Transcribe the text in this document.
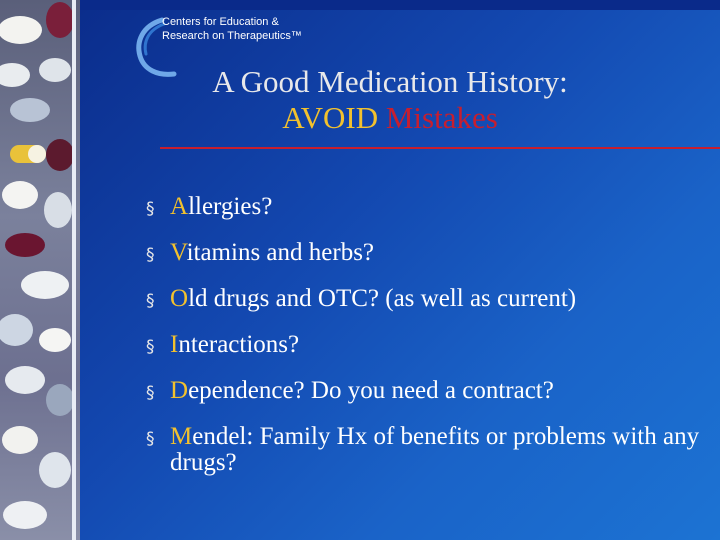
Centers for Education &
Research on Therapeutics™
A Good Medication History:
AVOID Mistakes
§ Allergies?
§ Vitamins and herbs?
§ Old drugs and OTC? (as well as current)
§ Interactions?
§ Dependence? Do you need a contract?
§ Mendel: Family Hx of benefits or problems with any drugs?
